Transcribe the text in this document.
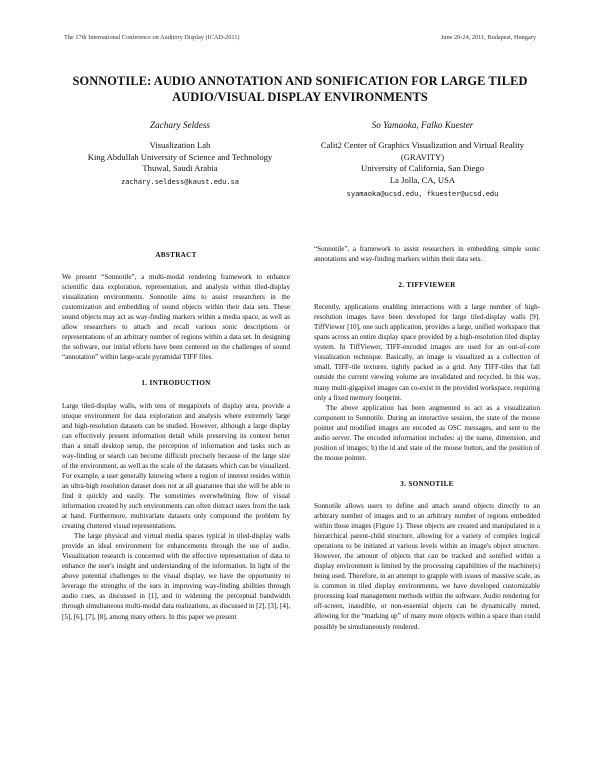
The 17th International Conference on Auditory Display (ICAD-2011)	June 20-24, 2011, Budapest, Hungary
SONNOTILE: AUDIO ANNOTATION AND SONIFICATION FOR LARGE TILED AUDIO/VISUAL DISPLAY ENVIRONMENTS
Zachary Seldess
Visualization Lab
King Abdullah University of Science and Technology
Thuwal, Saudi Arabia
zachary.seldess@kaust.edu.sa
So Yamaoka, Falko Kuester
Calit2 Center of Graphics Visualization and Virtual Reality (GRAVITY)
University of California, San Diego
La Jolla, CA, USA
syamaoka@ucsd.edu, fkuester@ucsd.edu
ABSTRACT

We present “Sonnotile”, a multi-modal rendering framework to enhance scientific data exploration, representation, and analysis within tiled-display visualization environments. Sonnotile aims to assist researchers in the customization and embedding of sound objects within their data sets. These sound objects may act as way-finding markers within a media space, as well as allow researchers to attach and recall various sonic descriptions or representations of an arbitrary number of regions within a data set. In designing the software, our initial efforts have been centered on the challenges of sound “annotation” within large-scale pyramidal TIFF files.

1. INTRODUCTION

Large tiled-display walls, with tens of megapixels of display area, provide a unique environment for data exploration and analysis where extremely large and high-resolution datasets can be studied. However, although a large display can effectively present information detail while preserving its context better than a small desktop setup, the perception of information and tasks such as way-finding or search can become difficult precisely because of the large size of the environment, as well as the scale of the datasets which can be visualized. For example, a user generally knowing where a region of interest resides within an ultra-high resolution dataset does not at all guarantee that she will be able to find it quickly and easily. The sometimes overwhelming flow of visual information created by such environments can often distract users from the task at hand. Furthermore, multivariate datasets only compound the problem by creating cluttered visual representations.

The large physical and virtual media spaces typical in tiled-display walls provide an ideal environment for enhancements through the use of audio. Visualization research is concerned with the effective representation of data to enhance the user's insight and understanding of the information. In light of the above potential challenges to the visual display, we have the opportunity to leverage the strengths of the ears in improving way-finding abilities through audio cues, as discussed in [1], and in widening the perceptual bandwidth through simultaneous multi-modal data realizations, as discussed in [2], [3], [4], [5], [6], [7], [8], among many others. In this paper we present

“Sonnotile”, a framework to assist researchers in embedding simple sonic annotations and way-finding markers within their data sets.

2. TIFFVIEWER

Recently, applications enabling interactions with a large number of high-resolution images have been developed for large tiled-display walls [9]. TiffViewer [10], one such application, provides a large, unified workspace that spans across an entire display space provided by a high-resolution tiled display system. In TiffViewer, TIFF-encoded images are used for an out-of-core visualization technique. Basically, an image is visualized as a collection of small, TIFF-tile textures, tightly packed as a grid. Any TIFF-tiles that fall outside the current viewing volume are invalidated and recycled. In this way, many multi-gigapixel images can co-exist in the provided workspace, requiring only a fixed memory footprint.

The above application has been augmented to act as a visualization component to Sonnotile. During an interactive session, the state of the mouse pointer and modified images are encoded as OSC messages, and sent to the audio server. The encoded information includes: a) the name, dimension, and position of images; b) the id and state of the mouse button, and the position of the mouse pointer.

3. SONNOTILE

Sonnotile allows users to define and attach sound objects directly to an arbitrary number of images and to an arbitrary number of regions embedded within those images (Figure 1). These objects are created and manipulated in a hierarchical parent-child structure, allowing for a variety of complex logical operations to be initiated at various levels within an image's object structure. However, the amount of objects that can be tracked and sonified within a display environment is limited by the processing capabilities of the machine(s) being used. Therefore, in an attempt to grapple with issues of massive scale, as is common in tiled display environments, we have developed customizable processing load management methods within the software. Audio rendering for off-screen, inaudible, or non-essential objects can be dynamically muted, allowing for the “marking up” of many more objects within a space than could possibly be simultaneously rendered.
